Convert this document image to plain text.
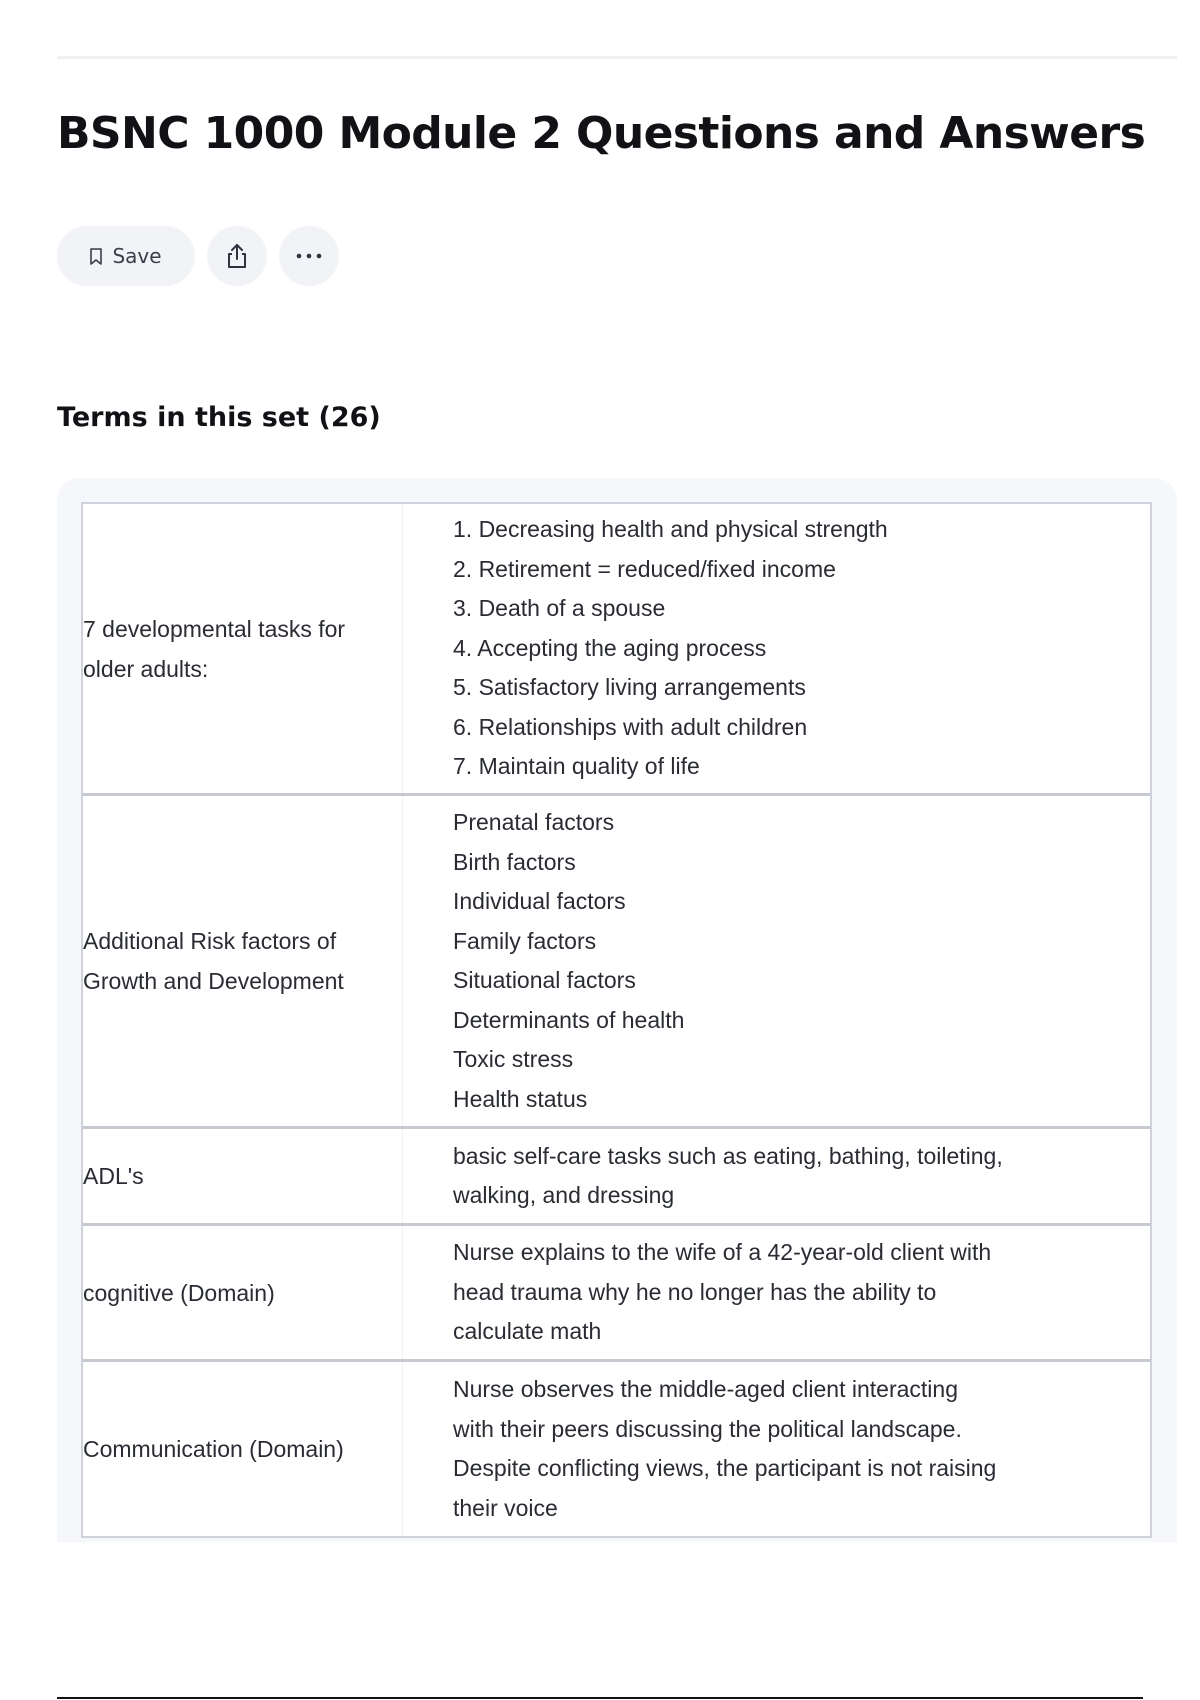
BSNC 1000 Module 2 Questions and Answers
Save
Terms in this set (26)
7 developmental tasks for older adults:
1. Decreasing health and physical strength
2. Retirement = reduced/fixed income
3. Death of a spouse
4. Accepting the aging process
5. Satisfactory living arrangements
6. Relationships with adult children
7. Maintain quality of life
Additional Risk factors of Growth and Development
Prenatal factors
Birth factors
Individual factors
Family factors
Situational factors
Determinants of health
Toxic stress
Health status
ADL's
basic self-care tasks such as eating, bathing, toileting,
walking, and dressing
cognitive (Domain)
Nurse explains to the wife of a 42-year-old client with
head trauma why he no longer has the ability to
calculate math
Communication (Domain)
Nurse observes the middle-aged client interacting
with their peers discussing the political landscape.
Despite conflicting views, the participant is not raising
their voice
